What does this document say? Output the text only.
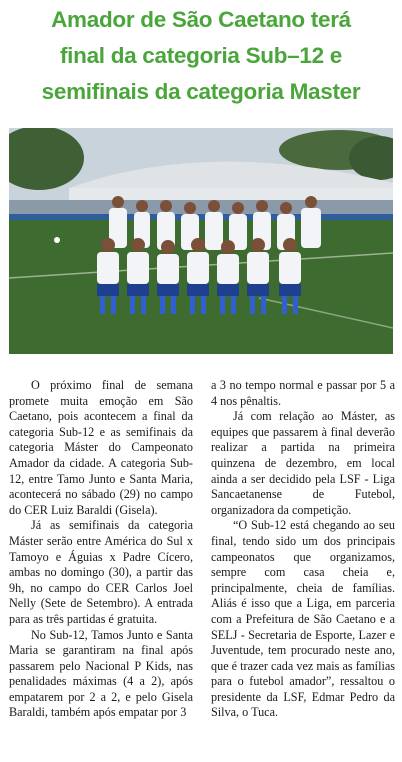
Amador de São Caetano terá
final da categoria Sub–12 e
semifinais da categoria Master

O próximo final de semana promete muita emoção em São Caetano, pois acontecem a final da categoria Sub-12 e as semifinais da categoria Máster do Campeonato Amador da cidade. A categoria Sub-12, entre Tamo Junto e Santa Maria, acontecerá no sábado (29) no campo do CER Luiz Baraldi (Gisela).

Já as semifinais da categoria Máster serão entre América do Sul x Tamoyo e Águias x Padre Cícero, ambas no domingo (30), a partir das 9h, no campo do CER Carlos Joel Nelly (Sete de Setembro). A entrada para as três partidas é gratuita.

No Sub-12, Tamos Junto e Santa Maria se garantiram na final após passarem pelo Nacional P Kids, nas penalidades máximas (4 a 2), após empatarem por 2 a 2, e pelo Gisela Baraldi, também após empatar por 3

a 3 no tempo normal e passar por 5 a 4 nos pênaltis.

Já com relação ao Máster, as equipes que passarem à final deverão realizar a partida na primeira quinzena de dezembro, em local ainda a ser decidido pela LSF - Liga Sancaetanense de Futebol, organizadora da competição.

“O Sub-12 está chegando ao seu final, tendo sido um dos principais campeonatos que organizamos, sempre com casa cheia e, principalmente, cheia de famílias. Aliás é isso que a Liga, em parceria com a Prefeitura de São Caetano e a SELJ - Secretaria de Esporte, Lazer e Juventude, tem procurado neste ano, que é trazer cada vez mais as famílias para o futebol amador”, ressaltou o presidente da LSF, Edmar Pedro da Silva, o Tuca.
